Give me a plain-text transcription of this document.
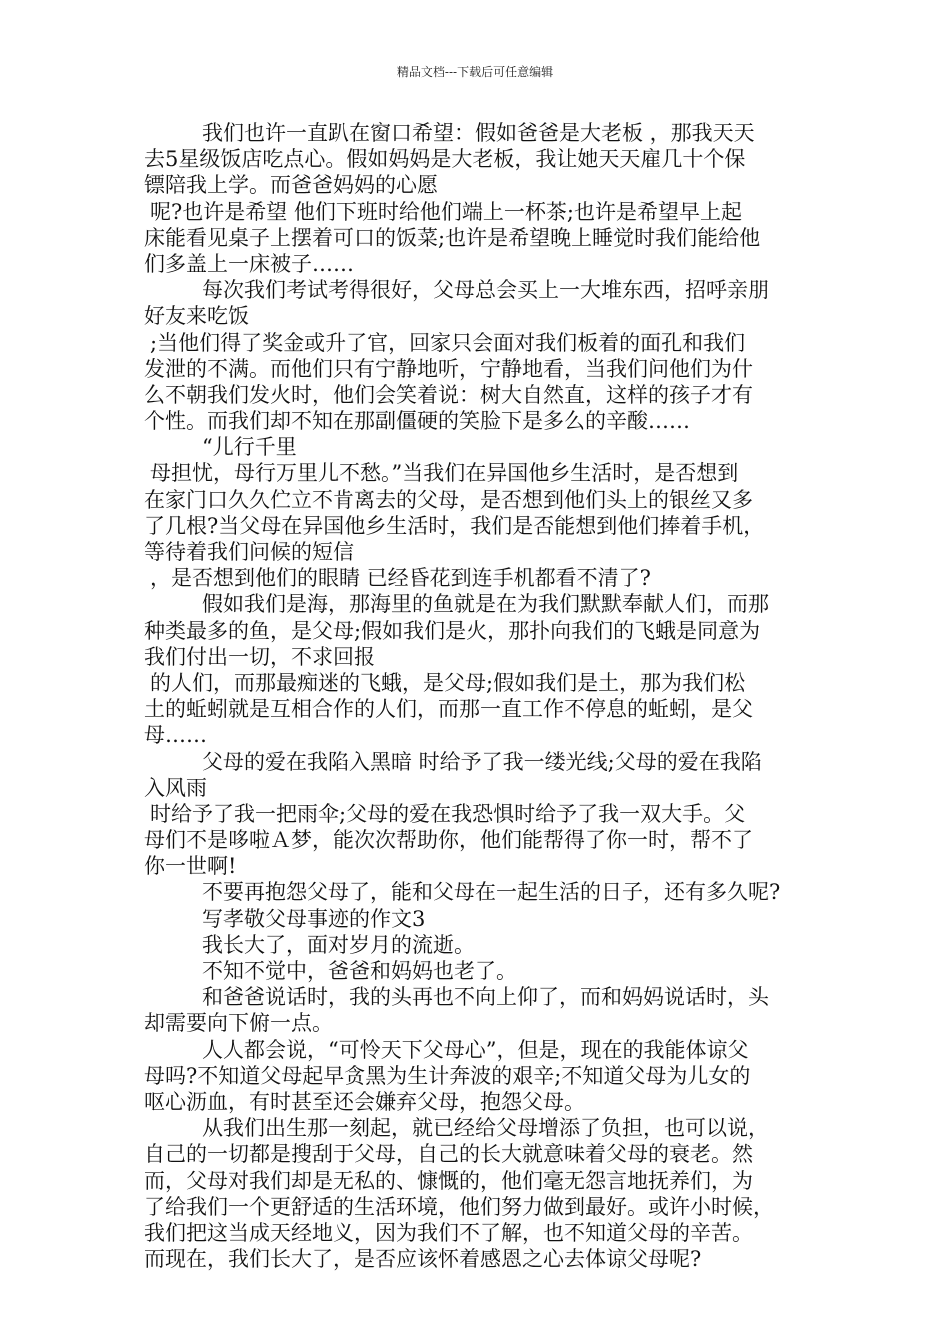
精品文档---下载后可任意编辑
我们也许一直趴在窗口希望：假如爸爸是大老板 ，那我天天
去5星级饭店吃点心。假如妈妈是大老板，我让她天天雇几十个保
镖陪我上学。而爸爸妈妈的心愿
呢?也许是希望 他们下班时给他们端上一杯茶;也许是希望早上起
床能看见桌子上摆着可口的饭菜;也许是希望晚上睡觉时我们能给他
们多盖上一床被子……
每次我们考试考得很好，父母总会买上一大堆东西，招呼亲朋
好友来吃饭
;当他们得了奖金或升了官，回家只会面对我们板着的面孔和我们
发泄的不满。而他们只有宁静地听，宁静地看，当我们问他们为什
么不朝我们发火时，他们会笑着说：树大自然直，这样的孩子才有
个性。而我们却不知在那副僵硬的笑脸下是多么的辛酸……
“儿行千里
母担忧，母行万里儿不愁。”当我们在异国他乡生活时，是否想到
在家门口久久伫立不肯离去的父母，是否想到他们头上的银丝又多
了几根?当父母在异国他乡生活时，我们是否能想到他们捧着手机，
等待着我们问候的短信
，是否想到他们的眼睛 已经昏花到连手机都看不清了?
假如我们是海，那海里的鱼就是在为我们默默奉献人们，而那
种类最多的鱼，是父母;假如我们是火，那扑向我们的飞蛾是同意为
我们付出一切，不求回报
的人们，而那最痴迷的飞蛾，是父母;假如我们是土，那为我们松
土的蚯蚓就是互相合作的人们，而那一直工作不停息的蚯蚓，是父
母……
父母的爱在我陷入黑暗 时给予了我一缕光线;父母的爱在我陷
入风雨
时给予了我一把雨伞;父母的爱在我恐惧时给予了我一双大手。父
母们不是哆啦Ａ梦，能次次帮助你，他们能帮得了你一时，帮不了
你一世啊!
不要再抱怨父母了，能和父母在一起生活的日子，还有多久呢?
写孝敬父母事迹的作文3
我长大了，面对岁月的流逝。
不知不觉中，爸爸和妈妈也老了。
和爸爸说话时，我的头再也不向上仰了，而和妈妈说话时，头
却需要向下俯一点。
人人都会说，“可怜天下父母心”，但是，现在的我能体谅父
母吗?不知道父母起早贪黑为生计奔波的艰辛;不知道父母为儿女的
呕心沥血，有时甚至还会嫌弃父母，抱怨父母。
从我们出生那一刻起，就已经给父母增添了负担，也可以说，
自己的一切都是搜刮于父母，自己的长大就意味着父母的衰老。然
而，父母对我们却是无私的、慷慨的，他们毫无怨言地抚养们，为
了给我们一个更舒适的生活环境，他们努力做到最好。或许小时候，
我们把这当成天经地义，因为我们不了解，也不知道父母的辛苦。
而现在，我们长大了，是否应该怀着感恩之心去体谅父母呢?
